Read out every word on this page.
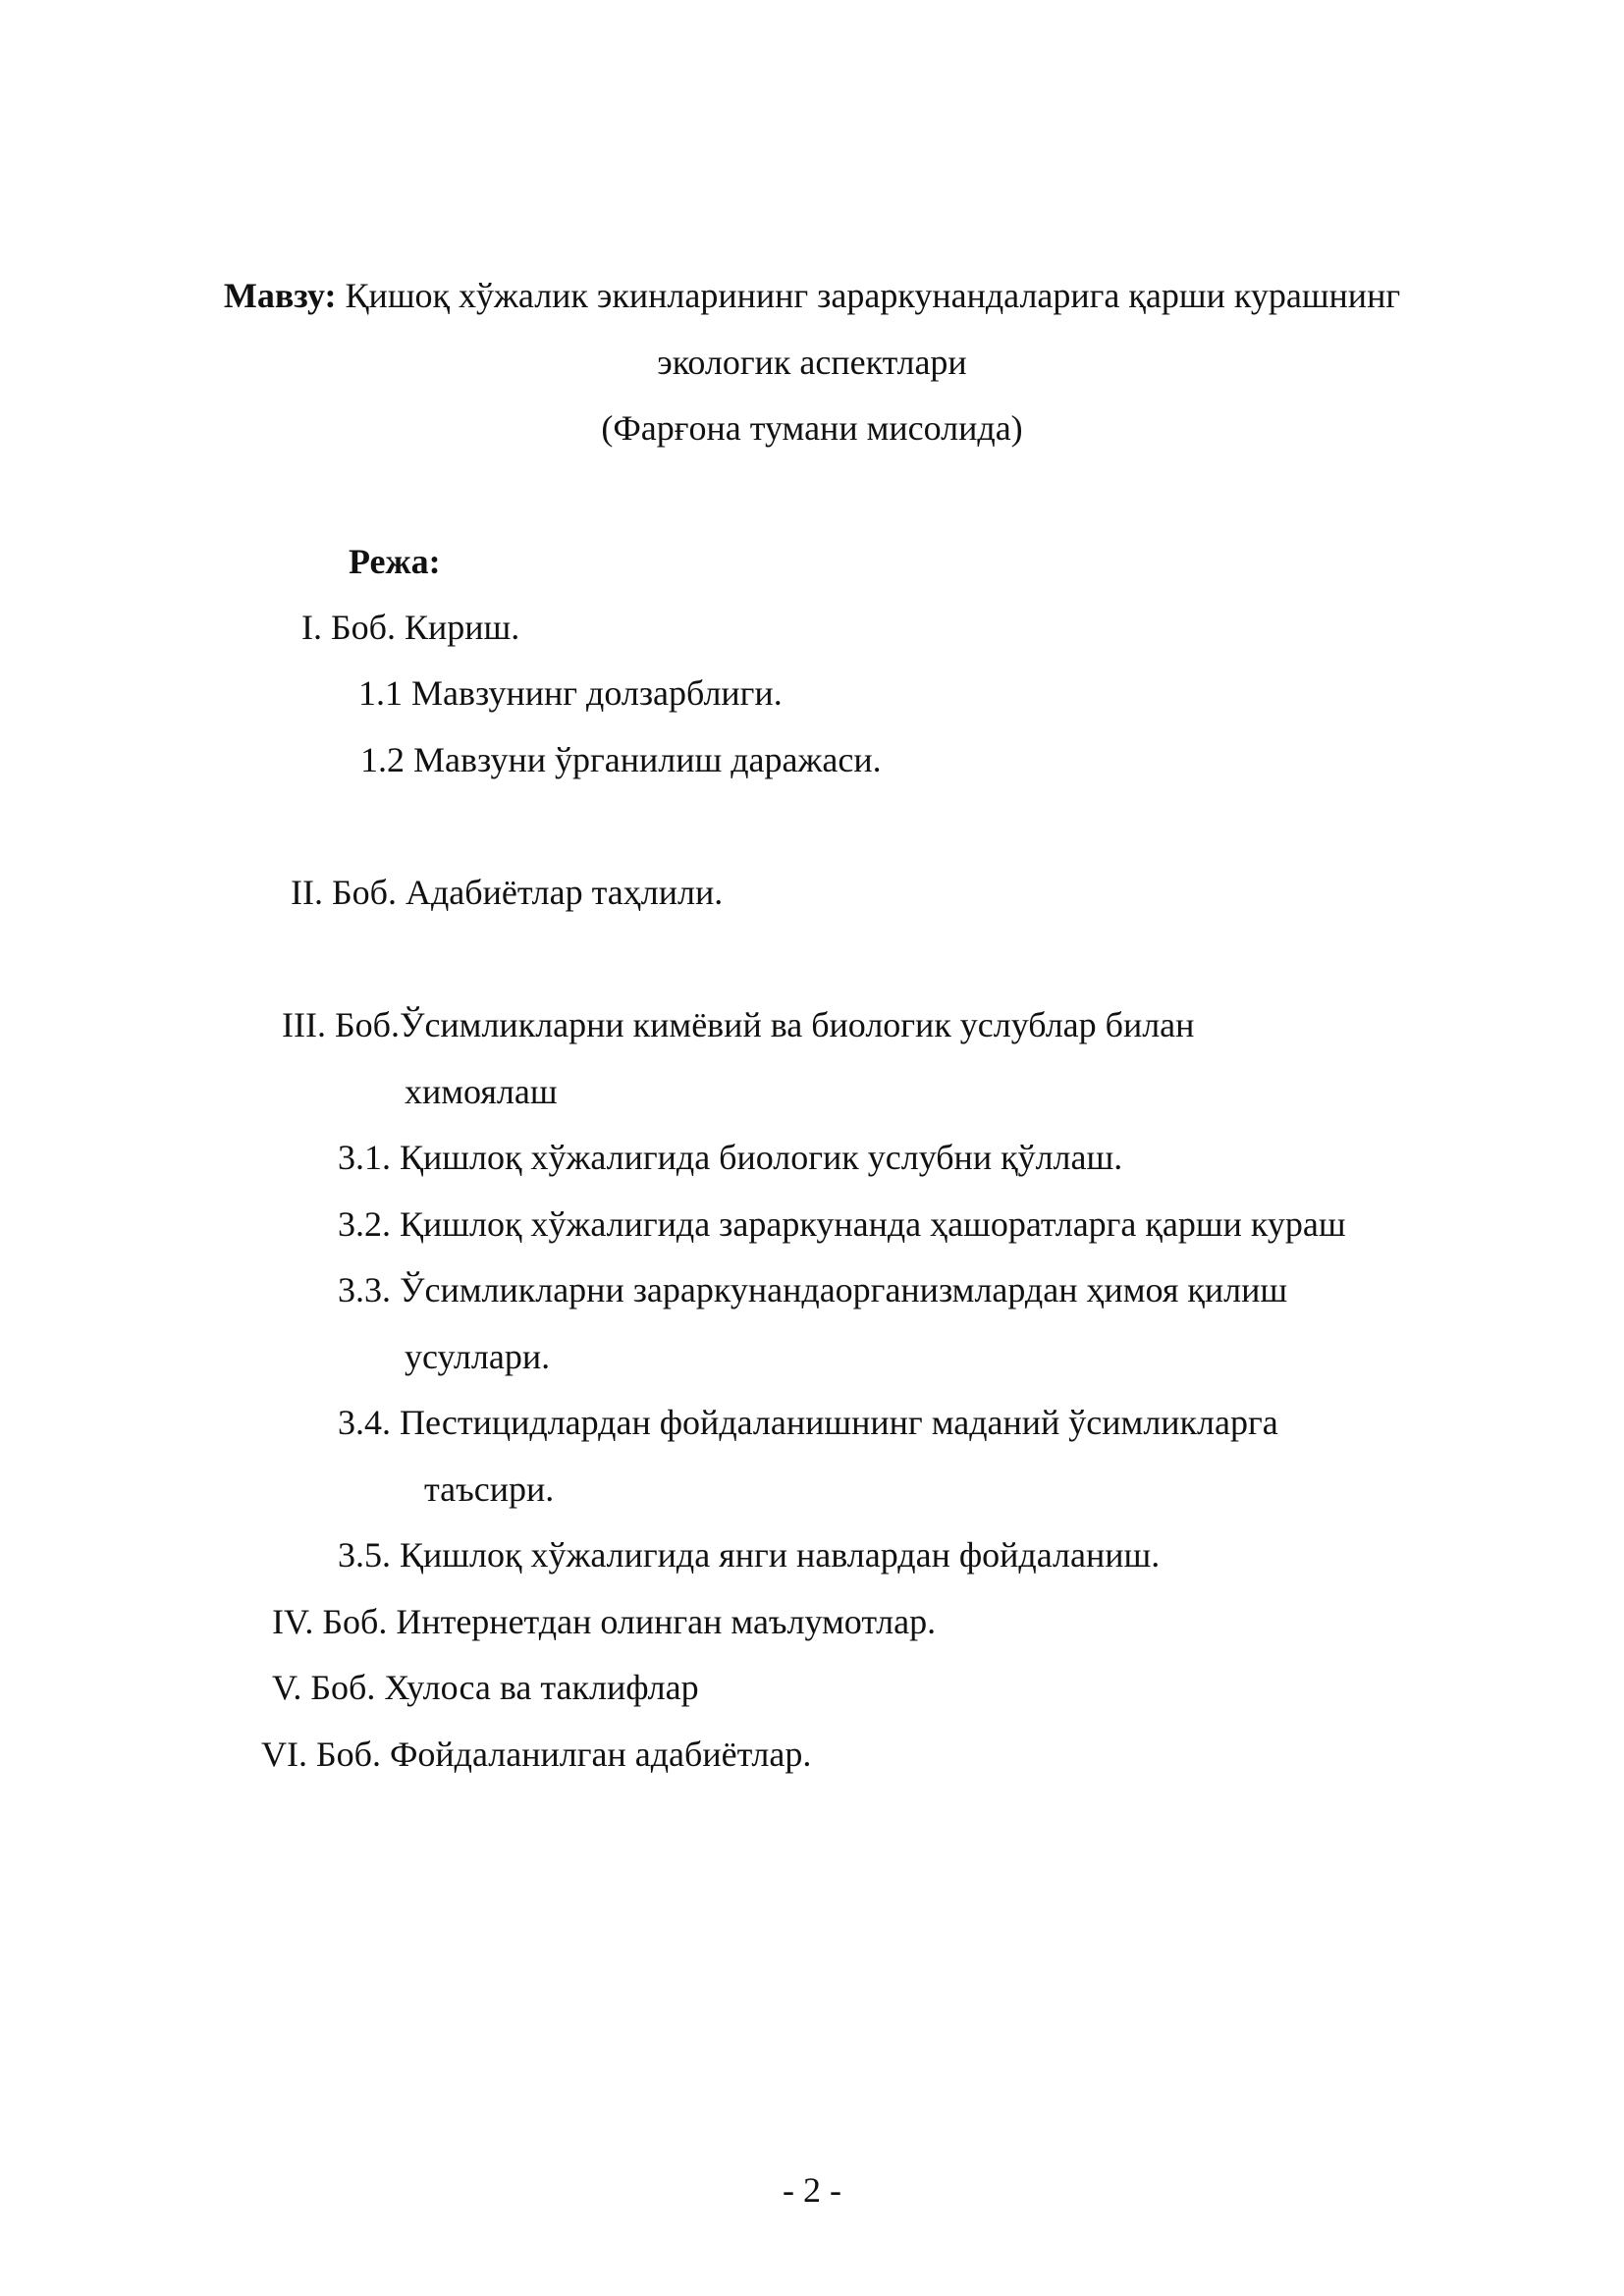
Мавзу: Қишоқ хўжалик экинларининг зараркунандаларига қарши курашнинг
экологик аспектлари
(Фарғона тумани мисолида)
Режа:
I. Боб. Кириш.
1.1 Мавзунинг долзарблиги.
1.2 Мавзуни ўрганилиш даражаси.
II. Боб. Адабиётлар таҳлили.
III. Боб.Ўсимликларни кимёвий ва биологик услублар билан
химоялаш
3.1. Қишлоқ хўжалигида биологик услубни қўллаш.
3.2. Қишлоқ хўжалигида зараркунанда ҳашоратларга қарши кураш
3.3. Ўсимликларни зараркунандаорганизмлардан ҳимоя қилиш
усуллари.
3.4. Пестицидлардан фойдаланишнинг маданий ўсимликларга
таъсири.
3.5. Қишлоқ хўжалигида янги навлардан фойдаланиш.
IV. Боб. Интернетдан олинган маълумотлар.
V. Боб. Хулоса ва таклифлар
VI. Боб. Фойдаланилган адабиётлар.
- 2 -
